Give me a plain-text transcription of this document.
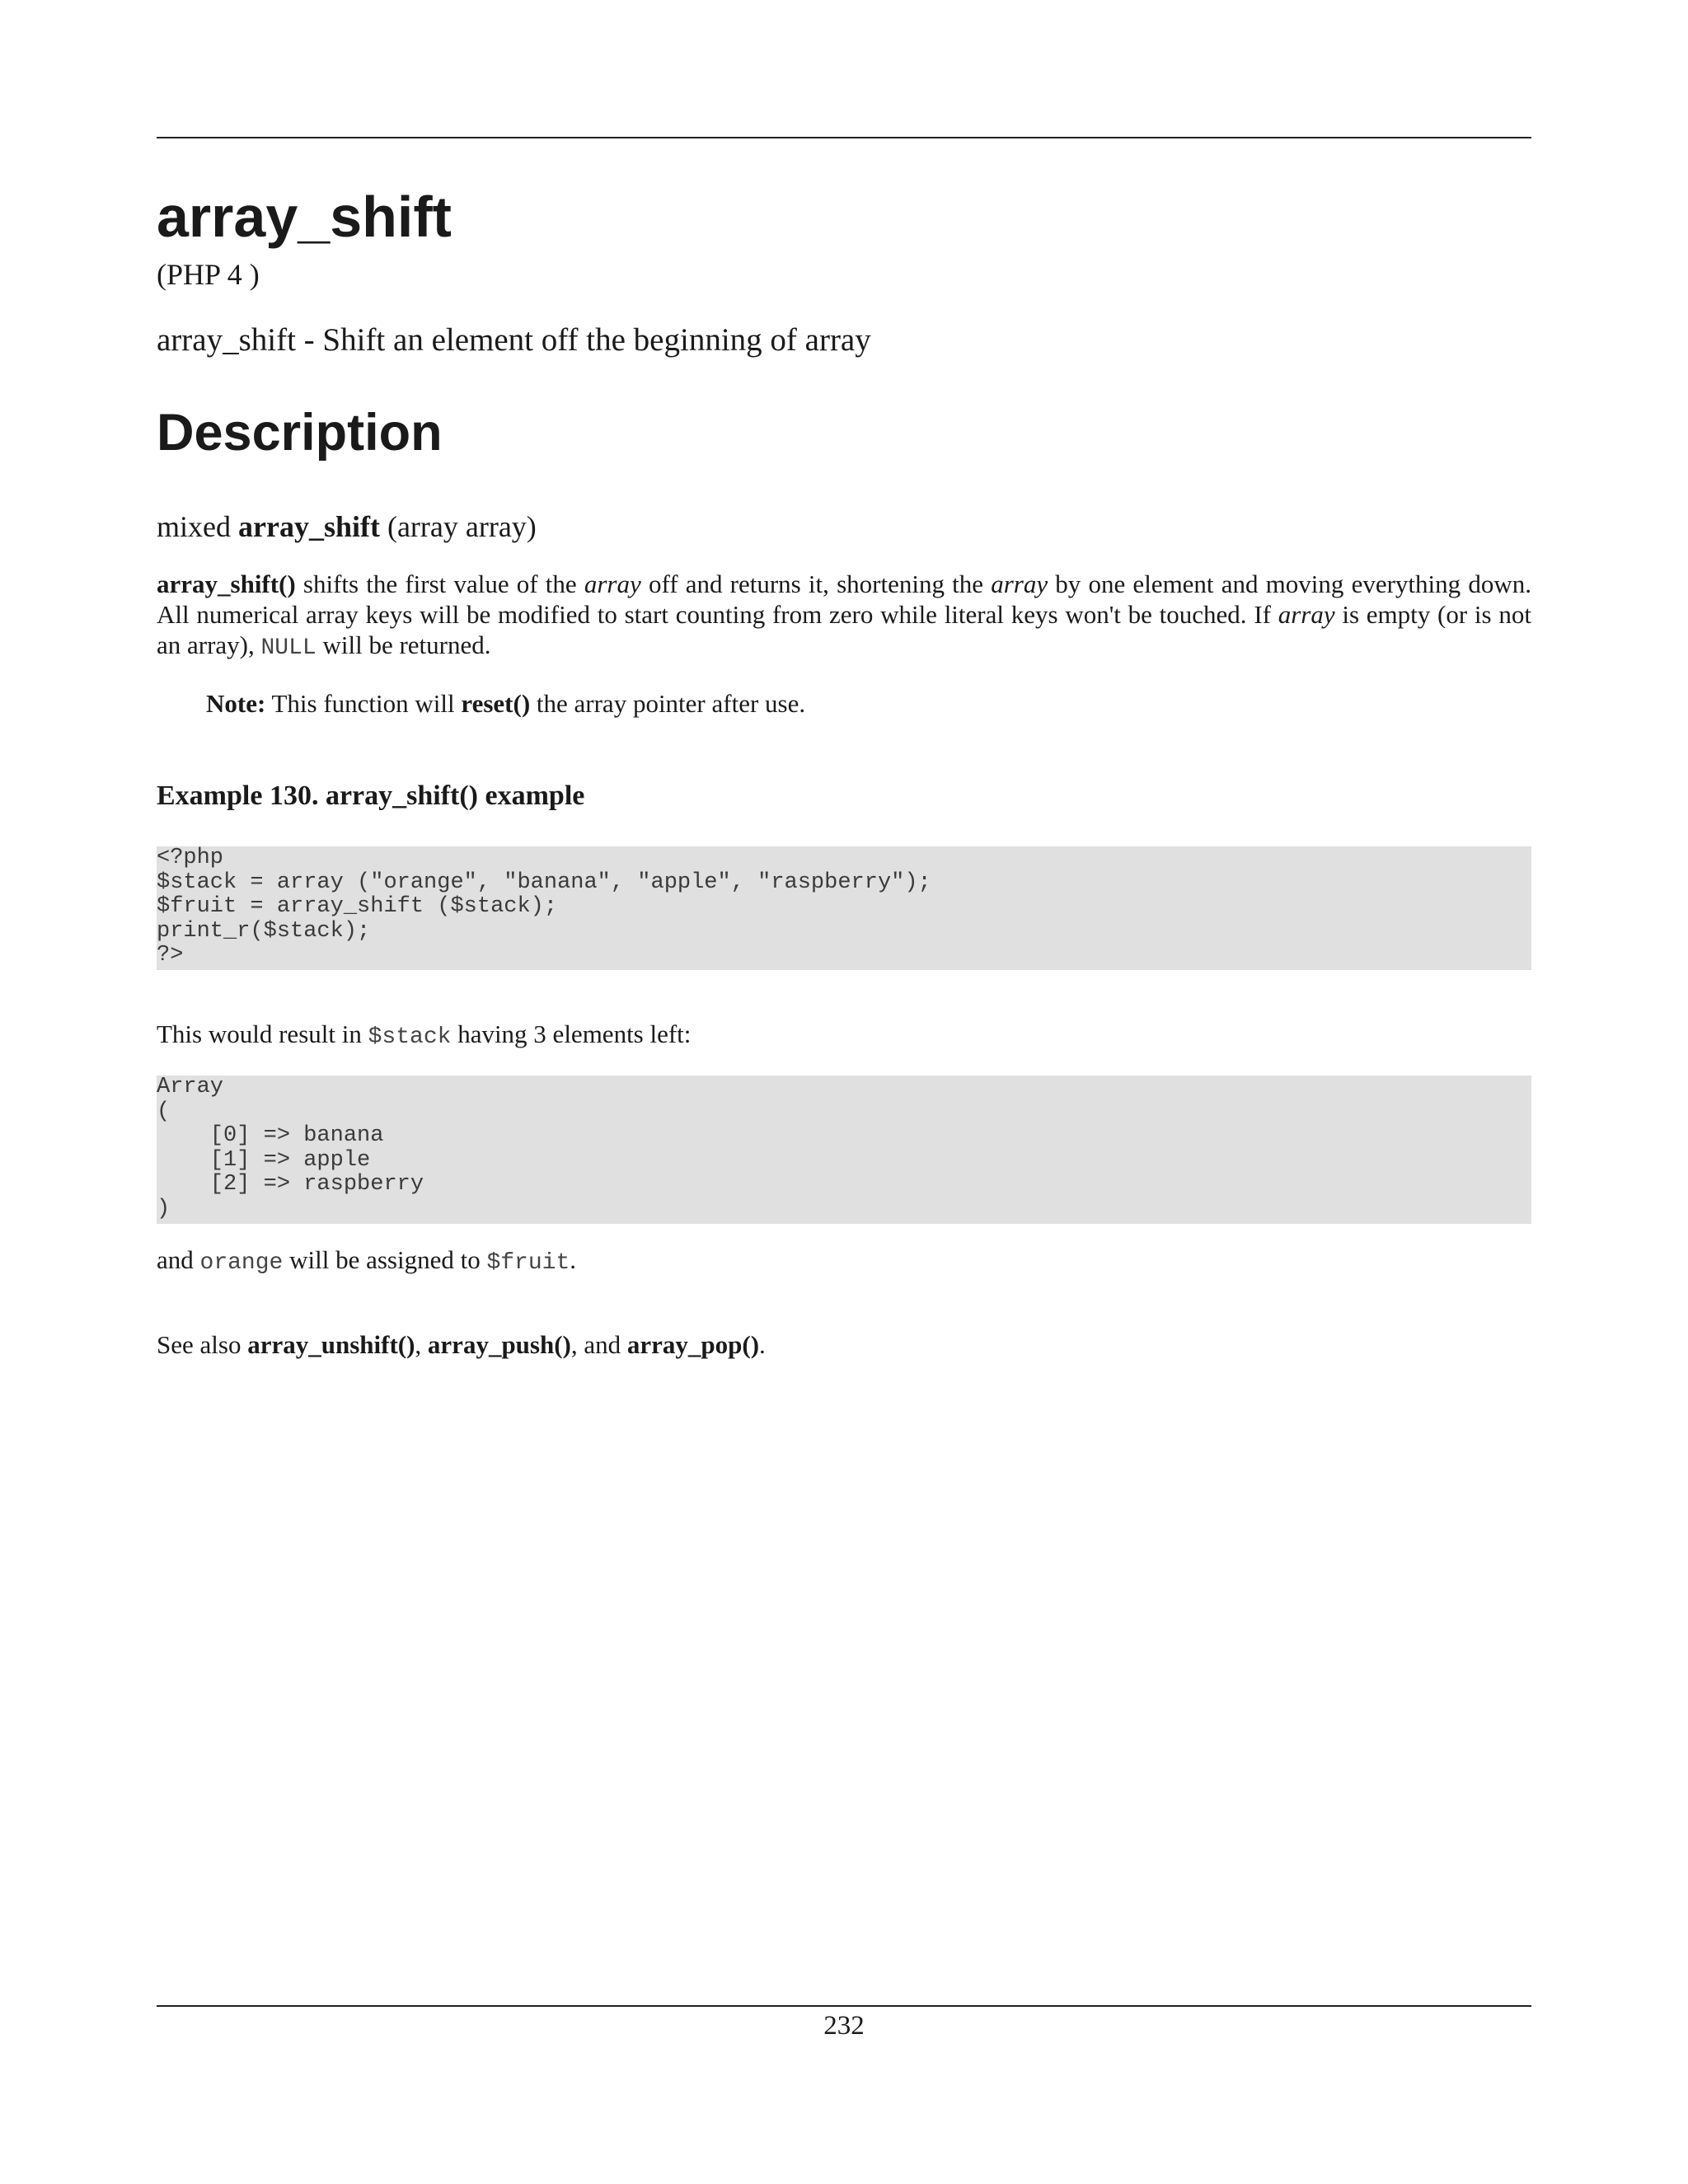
array_shift
(PHP 4 )
array_shift - Shift an element off the beginning of array
Description
mixed array_shift (array array)
array_shift() shifts the first value of the array off and returns it, shortening the array by one element and moving everything down. All numerical array keys will be modified to start counting from zero while literal keys won't be touched. If array is empty (or is not an array), NULL will be returned.
Note: This function will reset() the array pointer after use.
Example 130. array_shift() example
<?php
$stack = array ("orange", "banana", "apple", "raspberry");
$fruit = array_shift ($stack);
print_r($stack);
?>
This would result in $stack having 3 elements left:
Array
(
[0] => banana
[1] => apple
[2] => raspberry
)
and orange will be assigned to $fruit.
See also array_unshift(), array_push(), and array_pop().
232
